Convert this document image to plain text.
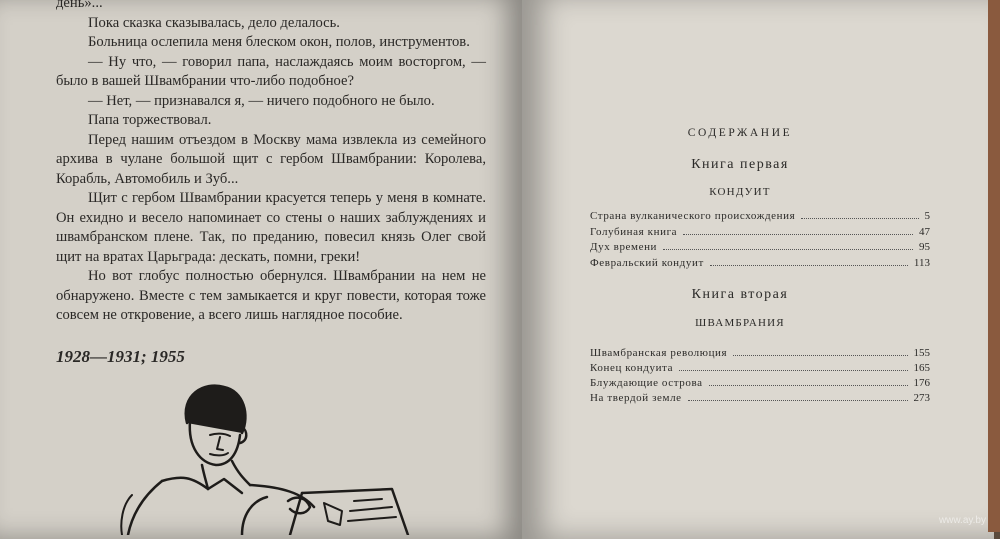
день»...

Пока сказка сказывалась, дело делалось.

Больница ослепила меня блеском окон, полов, инструментов.

— Ну что, — говорил папа, наслаждаясь моим восторгом, — было в вашей Швамбрании что-либо подобное?

— Нет, — признавался я, — ничего подобного не было.

Папа торжествовал.

Перед нашим отъездом в Москву мама извлекла из семейного архива в чулане большой щит с гербом Швамбрании: Королева, Корабль, Автомобиль и Зуб...

Щит с гербом Швамбрании красуется теперь у меня в комнате. Он ехидно и весело напоминает со стены о наших заблуждениях и швамбранском плене. Так, по преданию, повесил князь Олег свой щит на вратах Царьграда: дескать, помни, греки!

Но вот глобус полностью обернулся. Швамбрании на нем не обнаружено. Вместе с тем замыкается и круг повести, которая тоже совсем не откровение, а всего лишь наглядное пособие.

1928—1931; 1955
СОДЕРЖАНИЕ
Книга первая
КОНДУИТ
Страна вулканического происхождения	5
Голубиная книга	47
Дух времени	95
Февральский кондуит	113
Книга вторая
ШВАМБРАНИЯ
Швамбранская революция	155
Конец кондуита	165
Блуждающие острова	176
На твердой земле	273
www.ay.by
